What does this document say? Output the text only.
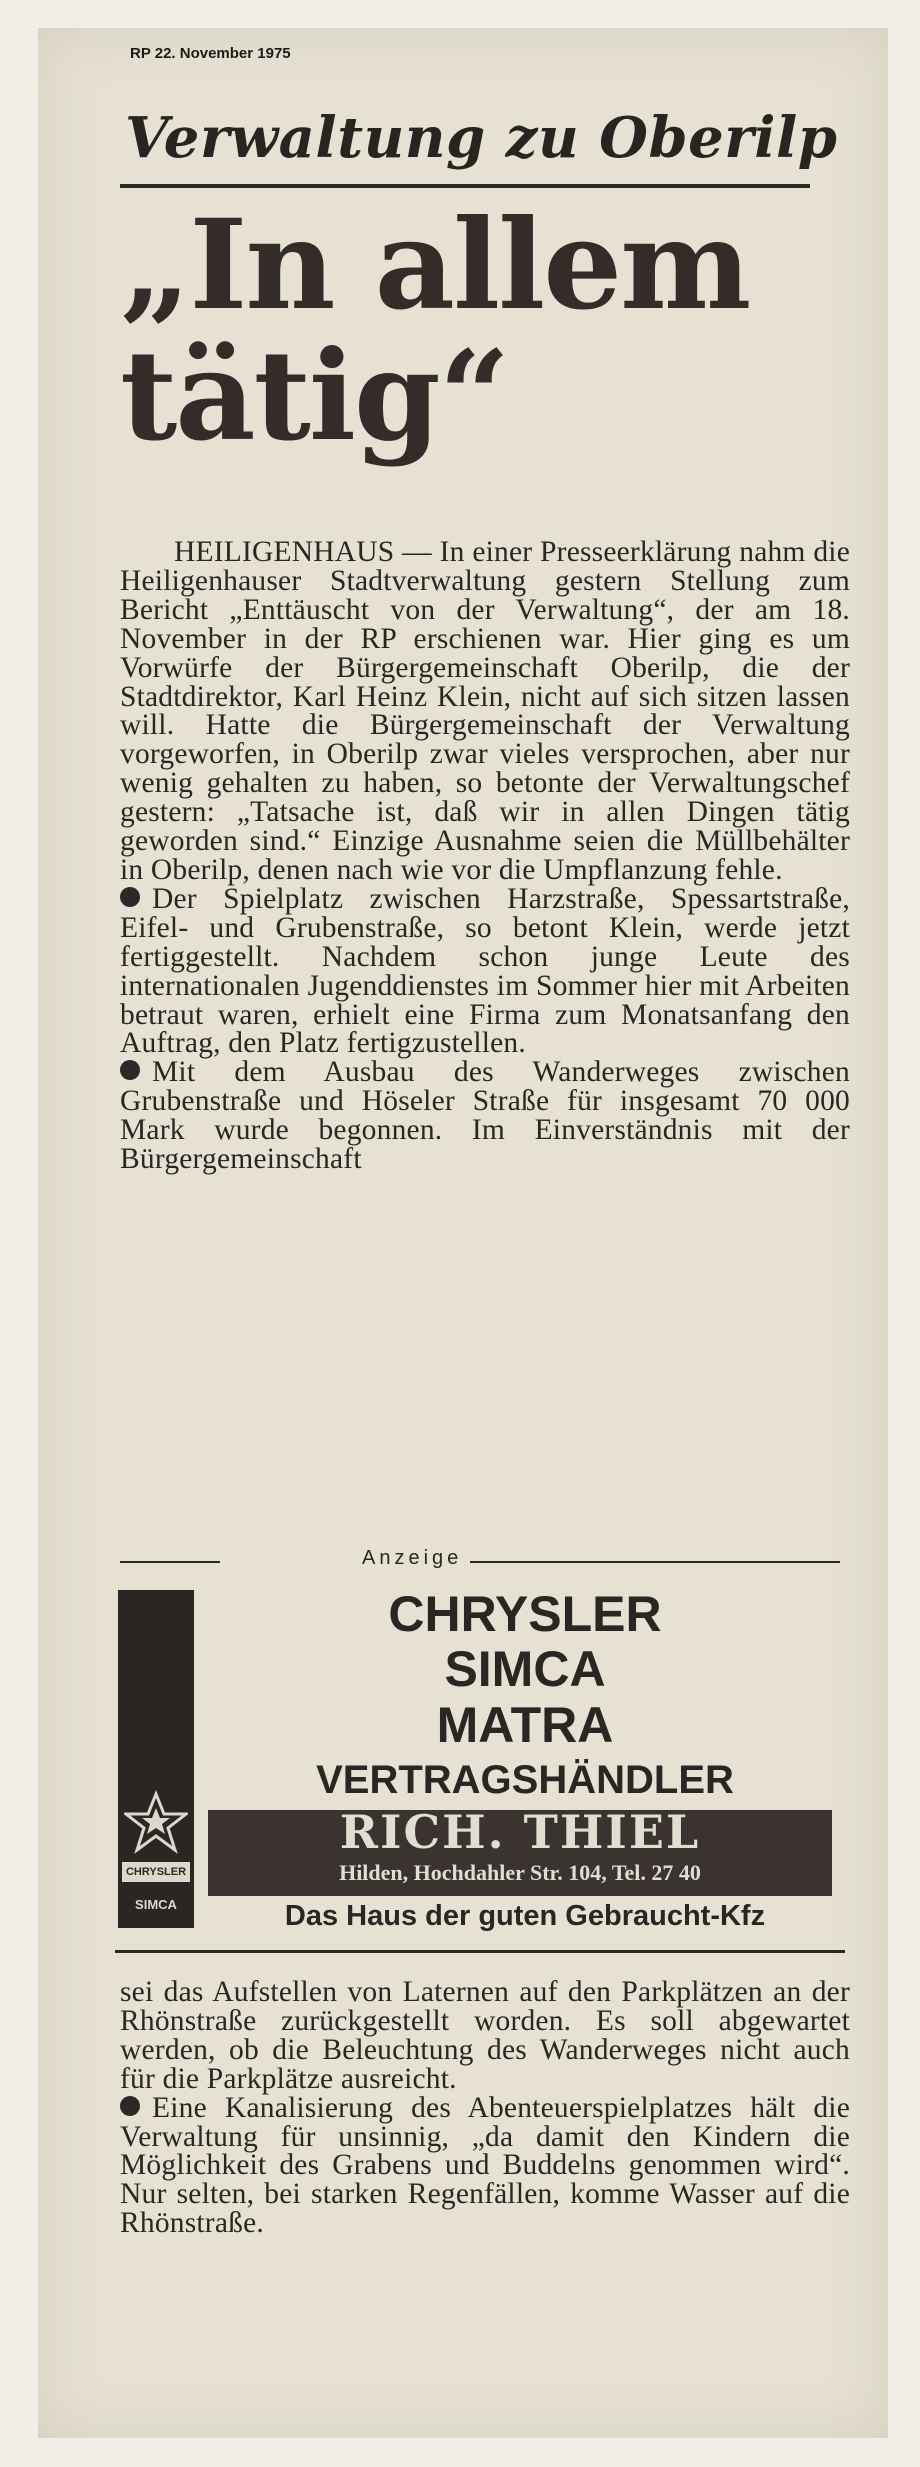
RP 22. November 1975
Verwaltung zu Oberilp
„In allem
tätig“

HEILIGENHAUS — In einer Presseerklärung nahm die Heiligenhauser Stadtverwaltung gestern Stellung zum Bericht „Enttäuscht von der Verwaltung“, der am 18. November in der RP erschienen war. Hier ging es um Vorwürfe der Bürgergemeinschaft Oberilp, die der Stadtdirektor, Karl Heinz Klein, nicht auf sich sitzen lassen will. Hatte die Bürgergemeinschaft der Verwaltung vorgeworfen, in Oberilp zwar vieles versprochen, aber nur wenig gehalten zu haben, so betonte der Verwaltungschef gestern: „Tatsache ist, daß wir in allen Dingen tätig geworden sind.“ Einzige Ausnahme seien die Müllbehälter in Oberilp, denen nach wie vor die Umpflanzung fehle.

Der Spielplatz zwischen Harzstraße, Spessartstraße, Eifel- und Grubenstraße, so betont Klein, werde jetzt fertiggestellt. Nachdem schon junge Leute des internationalen Jugenddienstes im Sommer hier mit Arbeiten betraut waren, erhielt eine Firma zum Monatsanfang den Auftrag, den Platz fertigzustellen.

Mit dem Ausbau des Wanderweges zwischen Grubenstraße und Höseler Straße für insgesamt 70 000 Mark wurde begonnen. Im Einverständnis mit der Bürgergemeinschaft

Anzeige
CHRYSLER
SIMCA
CHRYSLER
SIMCA
MATRA
VERTRAGSHÄNDLER
RICH. THIEL
Hilden, Hochdahler Str. 104, Tel. 27 40
Das Haus der guten Gebraucht-Kfz

sei das Aufstellen von Laternen auf den Parkplätzen an der Rhönstraße zurückgestellt worden. Es soll abgewartet werden, ob die Beleuchtung des Wanderweges nicht auch für die Parkplätze ausreicht.

Eine Kanalisierung des Abenteuerspielplatzes hält die Verwaltung für unsinnig, „da damit den Kindern die Möglichkeit des Grabens und Buddelns genommen wird“. Nur selten, bei starken Regenfällen, komme Wasser auf die Rhönstraße.
